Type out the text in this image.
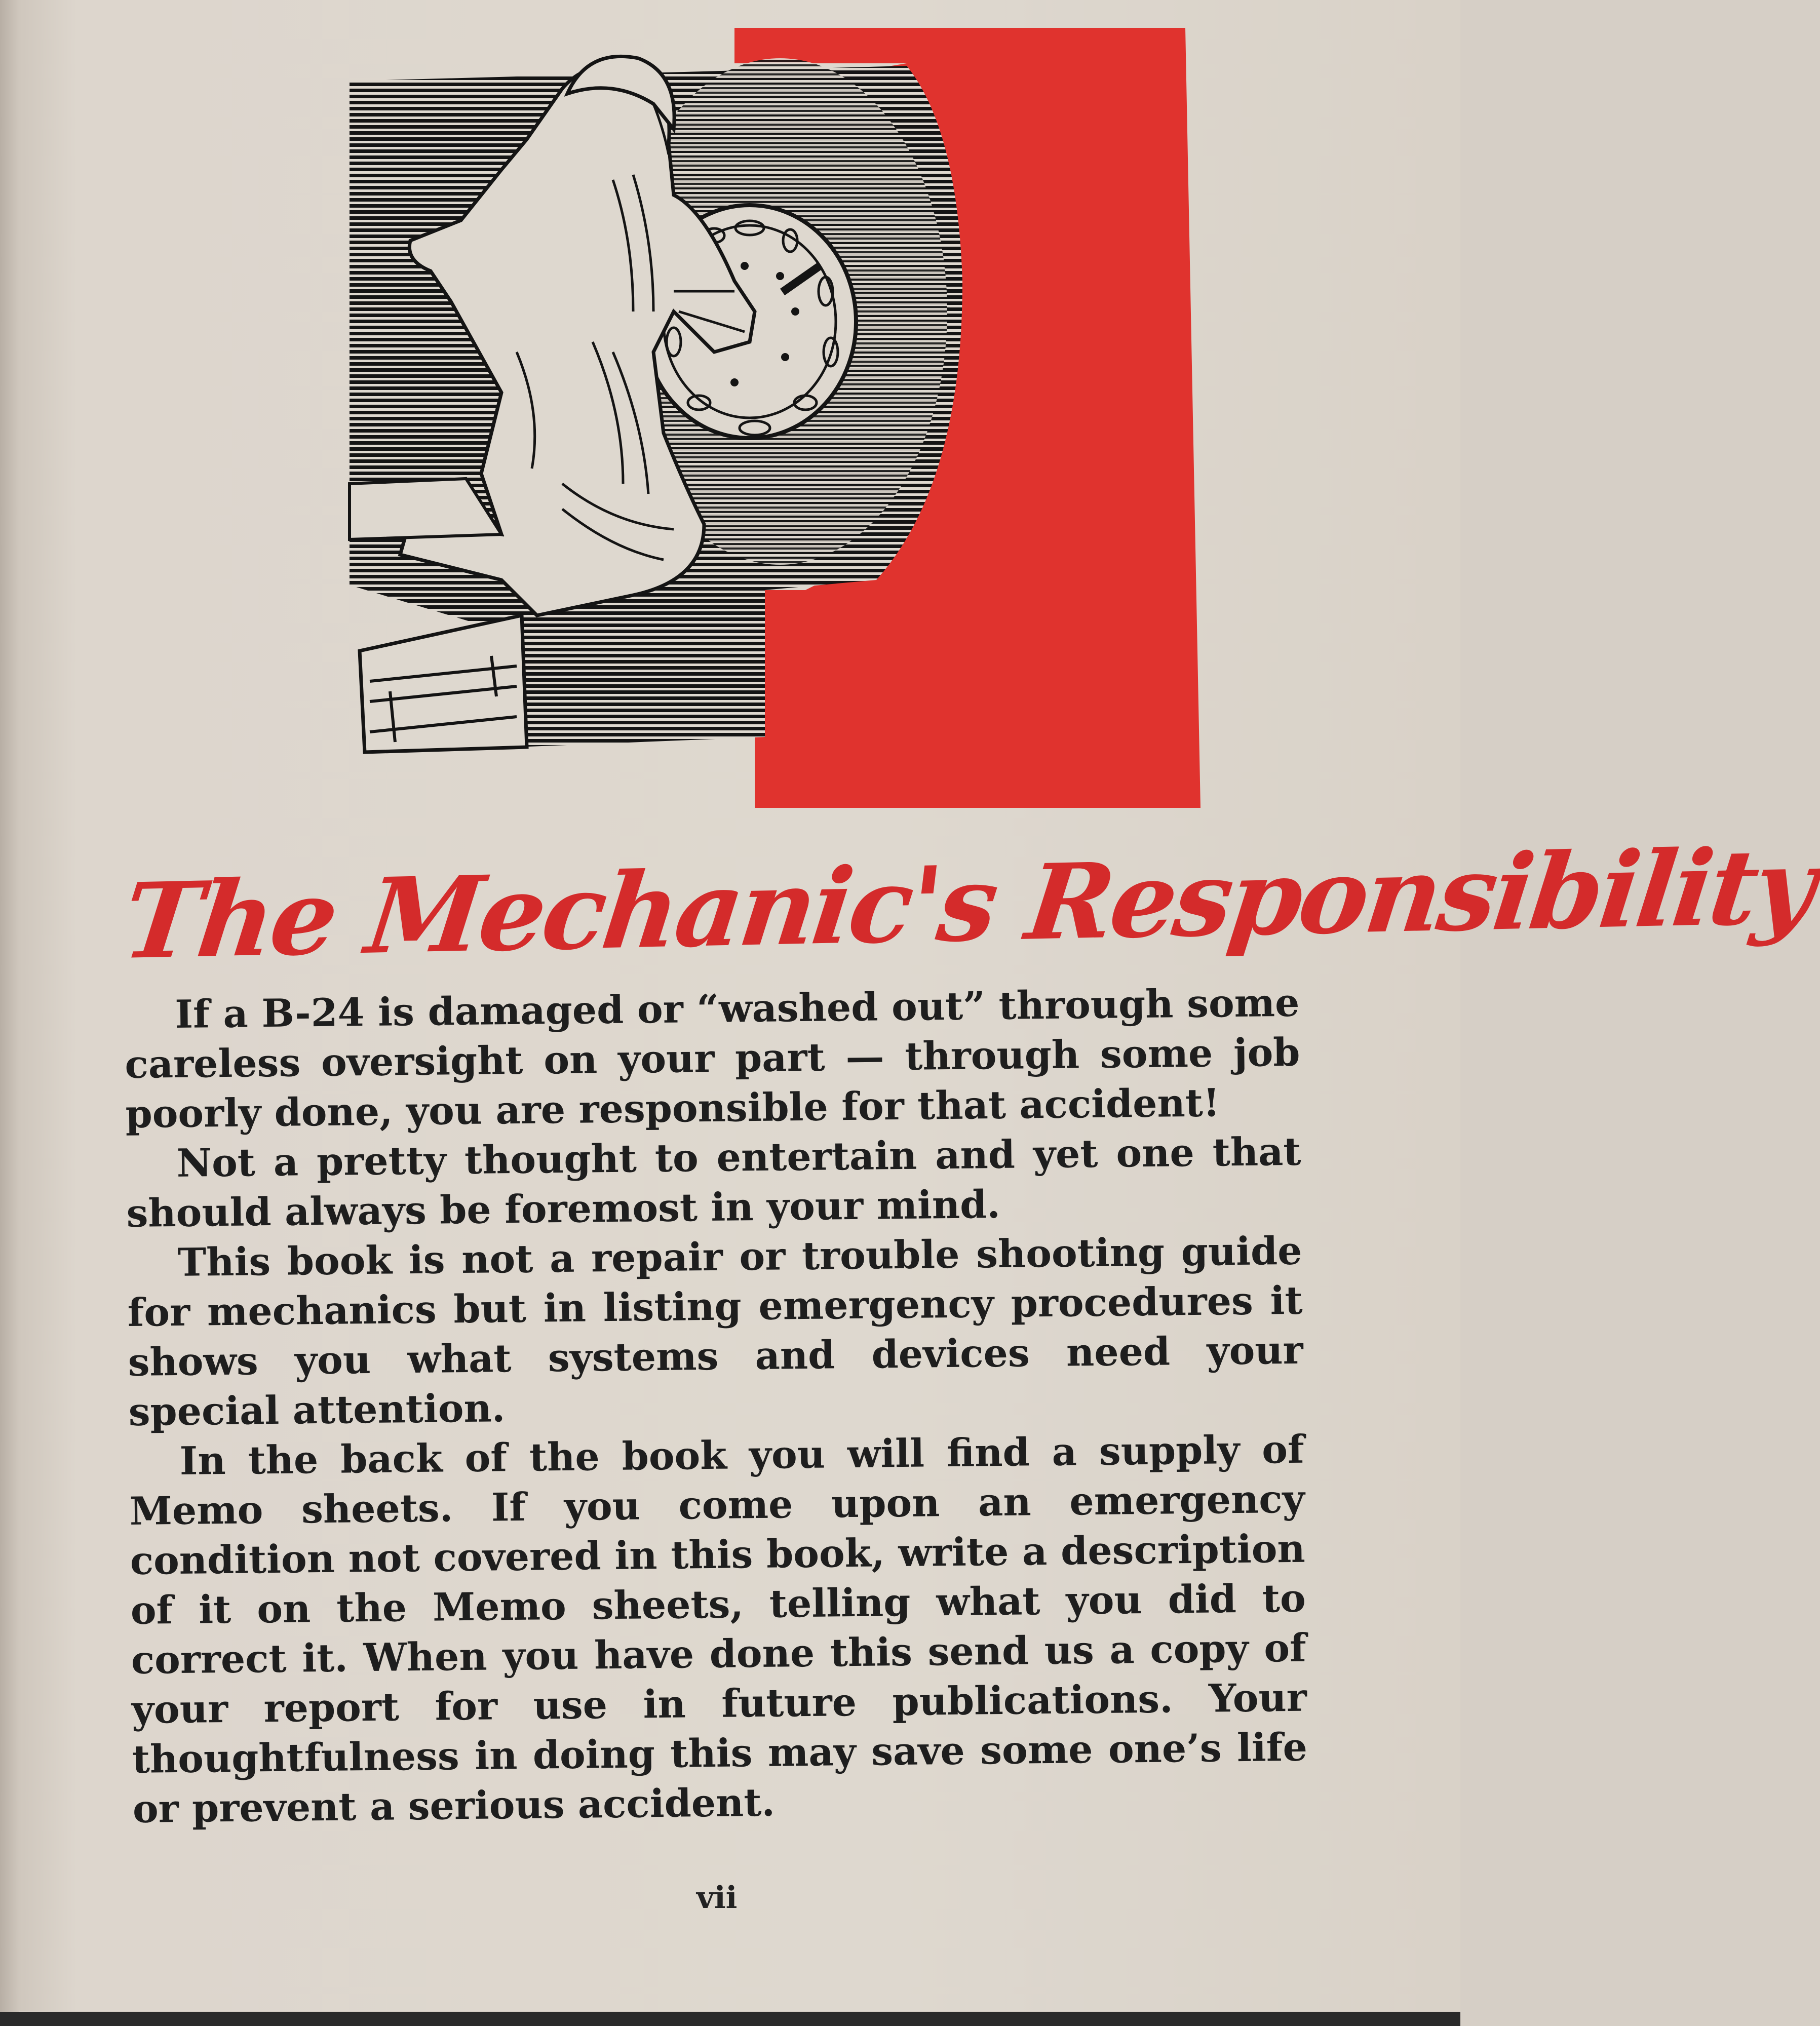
The Mechanic's Responsibility

If a B-24 is damaged or “washed out” through some careless oversight on your part — through some job poorly done, you are responsible for that accident!

Not a pretty thought to entertain and yet one that should always be foremost in your mind.

This book is not a repair or trouble shooting guide for mechanics but in listing emergency procedures it shows you what systems and devices need your special attention.

In the back of the book you will find a supply of Memo sheets. If you come upon an emergency condition not covered in this book, write a description of it on the Memo sheets, telling what you did to correct it. When you have done this send us a copy of your report for use in future publications. Your thoughtfulness in doing this may save some one’s life or prevent a serious accident.

vii
